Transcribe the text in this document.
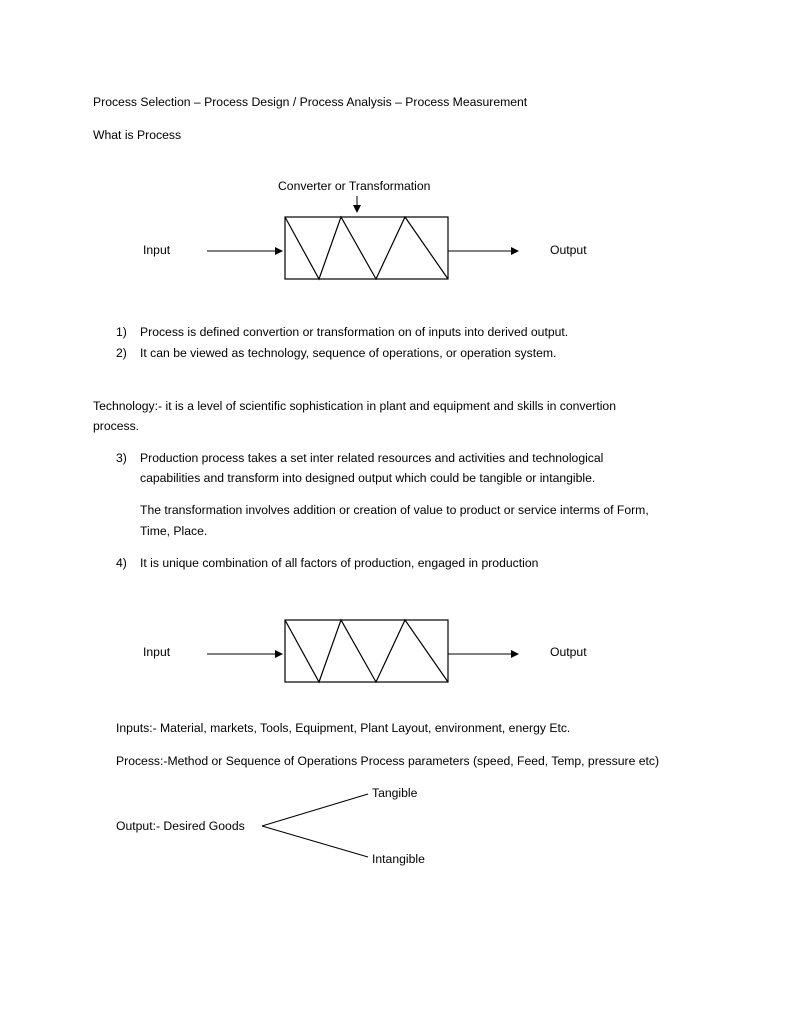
Process Selection – Process Design / Process Analysis – Process Measurement
What is Process
Converter or Transformation
Input	Output
1) Process is defined convertion or transformation on of inputs into derived output.
2) It can be viewed as technology, sequence of operations, or operation system.
Technology:- it is a level of scientific sophistication in plant and equipment and skills in convertion
process.
3) Production process takes a set inter related resources and activities and technological
capabilities and transform into designed output which could be tangible or intangible.
The transformation involves addition or creation of value to product or service interms of Form,
Time, Place.
4) It is unique combination of all factors of production, engaged in production
Input	Output
Inputs:- Material, markets, Tools, Equipment, Plant Layout, environment, energy Etc.
Process:-Method or Sequence of Operations Process parameters (speed, Feed, Temp, pressure etc)
Tangible
Output:- Desired Goods
Intangible
